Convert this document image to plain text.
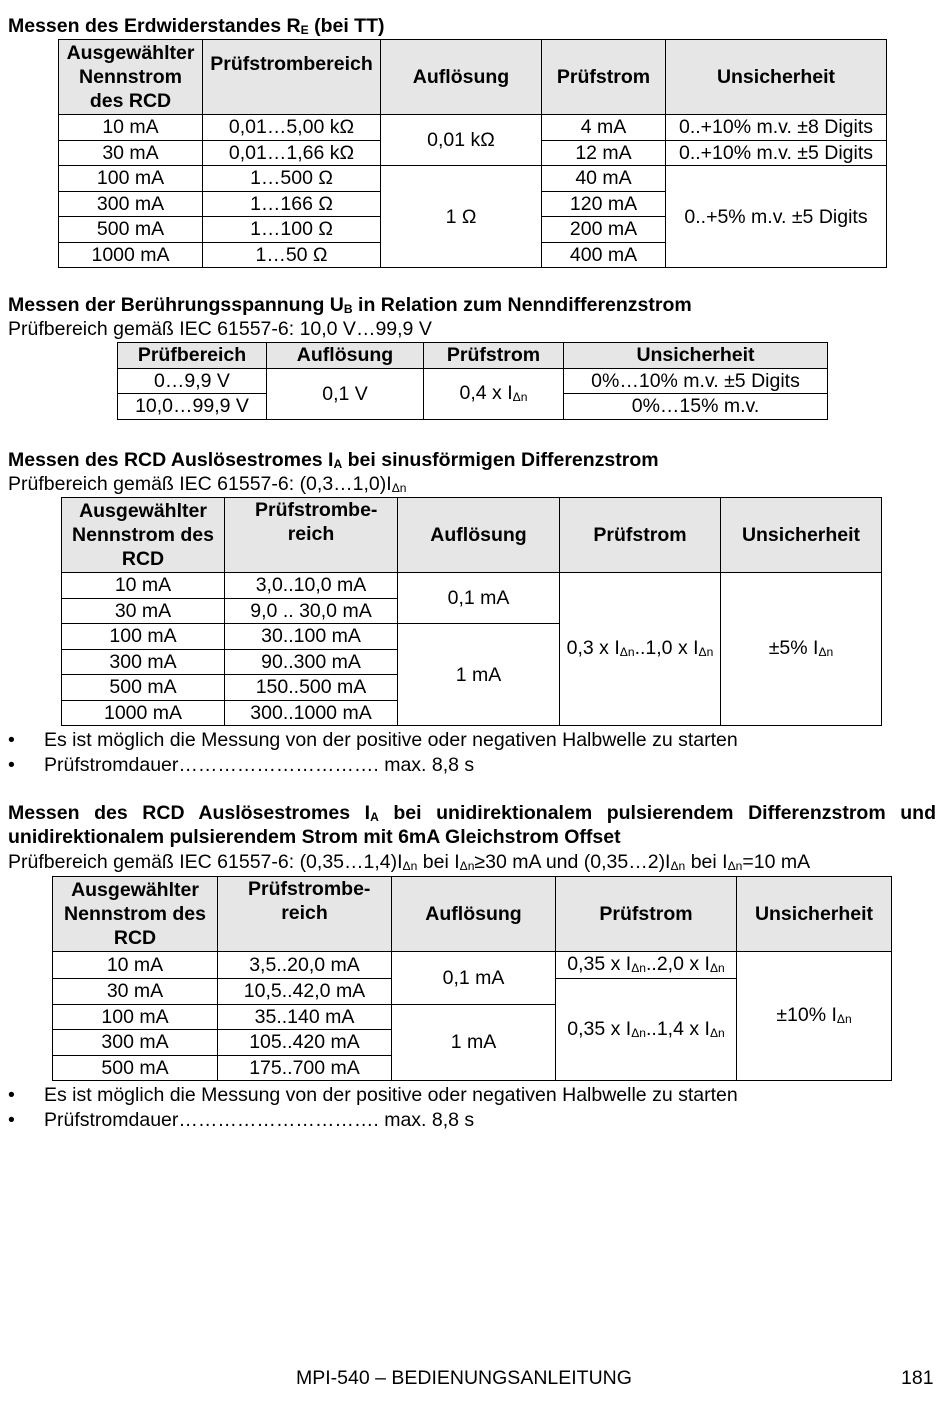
Messen des Erdwiderstandes $R_E$ (bei TT)
Ausgewählter Nennstrom des RCD	Prüfstrombereich	Auflösung	Prüfstrom	Unsicherheit
10 mA	0,01…5,00 kΩ	0,01 kΩ	4 mA	0..+10% m.v. ±8 Digits
30 mA	0,01…1,66 kΩ		12 mA	0..+10% m.v. ±5 Digits
100 mA	1…500 Ω	1 Ω	40 mA	0..+5% m.v. ±5 Digits
300 mA	1…166 Ω		120 mA	
500 mA	1…100 Ω		200 mA	
1000 mA	1…50 Ω		400 mA	
Messen der Berührungsspannung $U_B$ in Relation zum Nenndifferenzstrom
Prüfbereich gemäß IEC 61557-6: 10,0 V…99,9 V
Prüfbereich	Auflösung	Prüfstrom	Unsicherheit
0…9,9 V	0,1 V	0,4 x $I_{\Delta n}$	0%…10% m.v. ±5 Digits
10,0…99,9 V			0%…15% m.v.
Messen des RCD Auslösestromes $I_A$ bei sinusförmigen Differenzstrom
Prüfbereich gemäß IEC 61557-6: $(0,3\dots 1,0)I_{\Delta n}$
Ausgewählter Nennstrom des RCD	Prüfstrombe-reich	Auflösung	Prüfstrom	Unsicherheit
10 mA	3,0..10,0 mA	0,1 mA	0,3 x $I_{\Delta n}..1,0$ x $I_{\Delta n}$	±5% $I_{\Delta n}$
30 mA	9,0 .. 30,0 mA			
100 mA	30..100 mA	1 mA		
300 mA	90..300 mA			
500 mA	150..500 mA			
1000 mA	300..1000 mA			
• Es ist möglich die Messung von der positive oder negativen Halbwelle zu starten
• Prüfstromdauer…………………………. max. 8,8 s
Messen des RCD Auslösestromes $I_A$ bei unidirektionalem pulsierendem Differenzstrom und
unidirektionalem pulsierendem Strom mit 6mA Gleichstrom Offset
Prüfbereich gemäß IEC 61557-6: $(0,35\dots 1,4)I_{\Delta n}$ bei $I_{\Delta n}\ge 30$ mA und $(0,35\dots 2)I_{\Delta n}$ bei $I_{\Delta n}=10$ mA
Ausgewählter Nennstrom des RCD	Prüfstrombe-reich	Auflösung	Prüfstrom	Unsicherheit
10 mA	3,5..20,0 mA	0,1 mA	0,35 x $I_{\Delta n}..2,0$ x $I_{\Delta n}$	±10% $I_{\Delta n}$
30 mA	10,5..42,0 mA		0,35 x $I_{\Delta n}..1,4$ x $I_{\Delta n}$
100 mA	35..140 mA	1 mA		
300 mA	105..420 mA			
500 mA	175..700 mA			
• Es ist möglich die Messung von der positive oder negativen Halbwelle zu starten
• Prüfstromdauer…………………………. max. 8,8 s
MPI-540 – BEDIENUNGSANLEITUNG	181
